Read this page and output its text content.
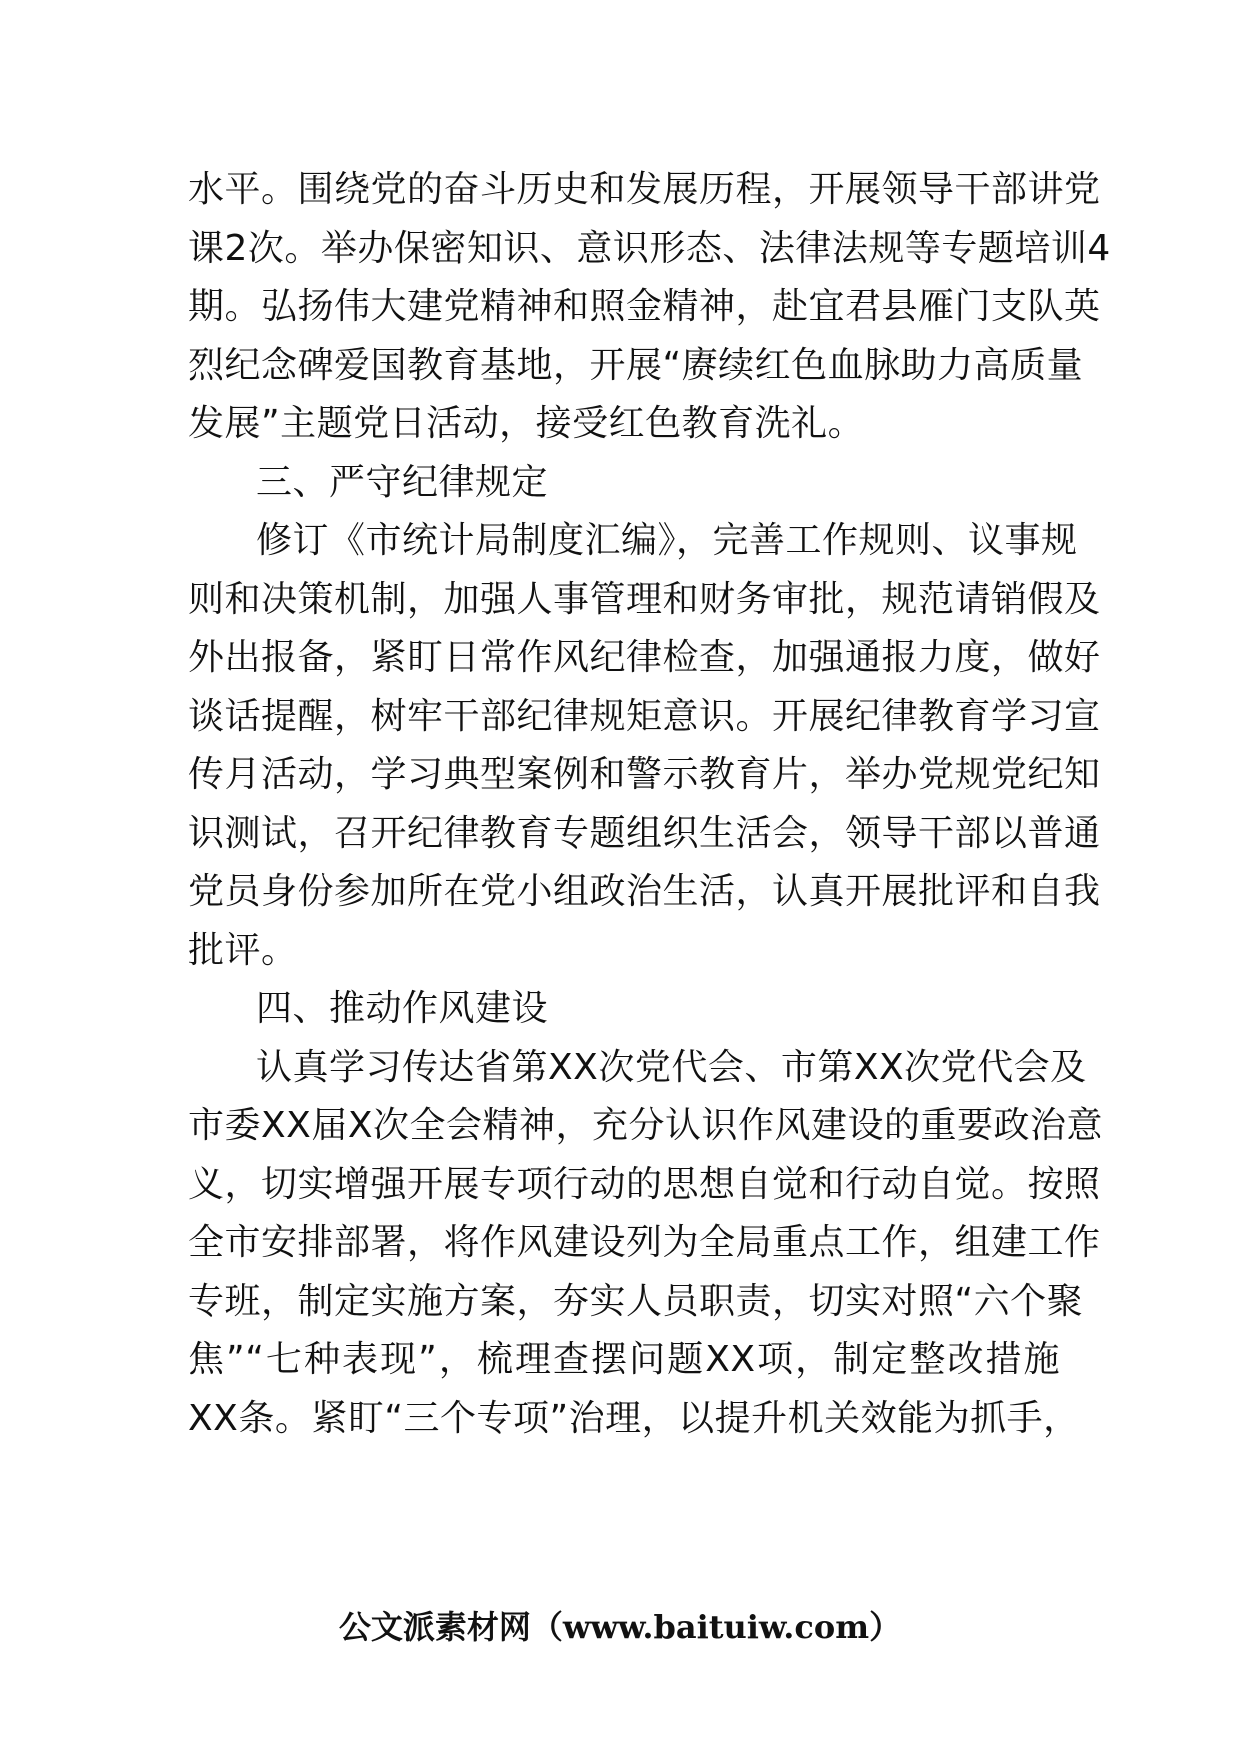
水平。围绕党的奋斗历史和发展历程，开展领导干部讲党
课2次。举办保密知识、意识形态、法律法规等专题培训4
期。弘扬伟大建党精神和照金精神，赴宜君县雁门支队英
烈纪念碑爱国教育基地，开展“赓续红色血脉助力高质量
发展”主题党日活动，接受红色教育洗礼。
三、严守纪律规定
修订《市统计局制度汇编》，完善工作规则、议事规
则和决策机制，加强人事管理和财务审批，规范请销假及
外出报备，紧盯日常作风纪律检查，加强通报力度，做好
谈话提醒，树牢干部纪律规矩意识。开展纪律教育学习宣
传月活动，学习典型案例和警示教育片，举办党规党纪知
识测试，召开纪律教育专题组织生活会，领导干部以普通
党员身份参加所在党小组政治生活，认真开展批评和自我
批评。
四、推动作风建设
认真学习传达省第XX次党代会、市第XX次党代会及
市委XX届X次全会精神，充分认识作风建设的重要政治意
义，切实增强开展专项行动的思想自觉和行动自觉。按照
全市安排部署，将作风建设列为全局重点工作，组建工作
专班，制定实施方案，夯实人员职责，切实对照“六个聚
焦”“七种表现”，梳理查摆问题XX项，制定整改措施
XX条。紧盯“三个专项”治理，以提升机关效能为抓手，
公文派素材网（www.baituiw.com）
